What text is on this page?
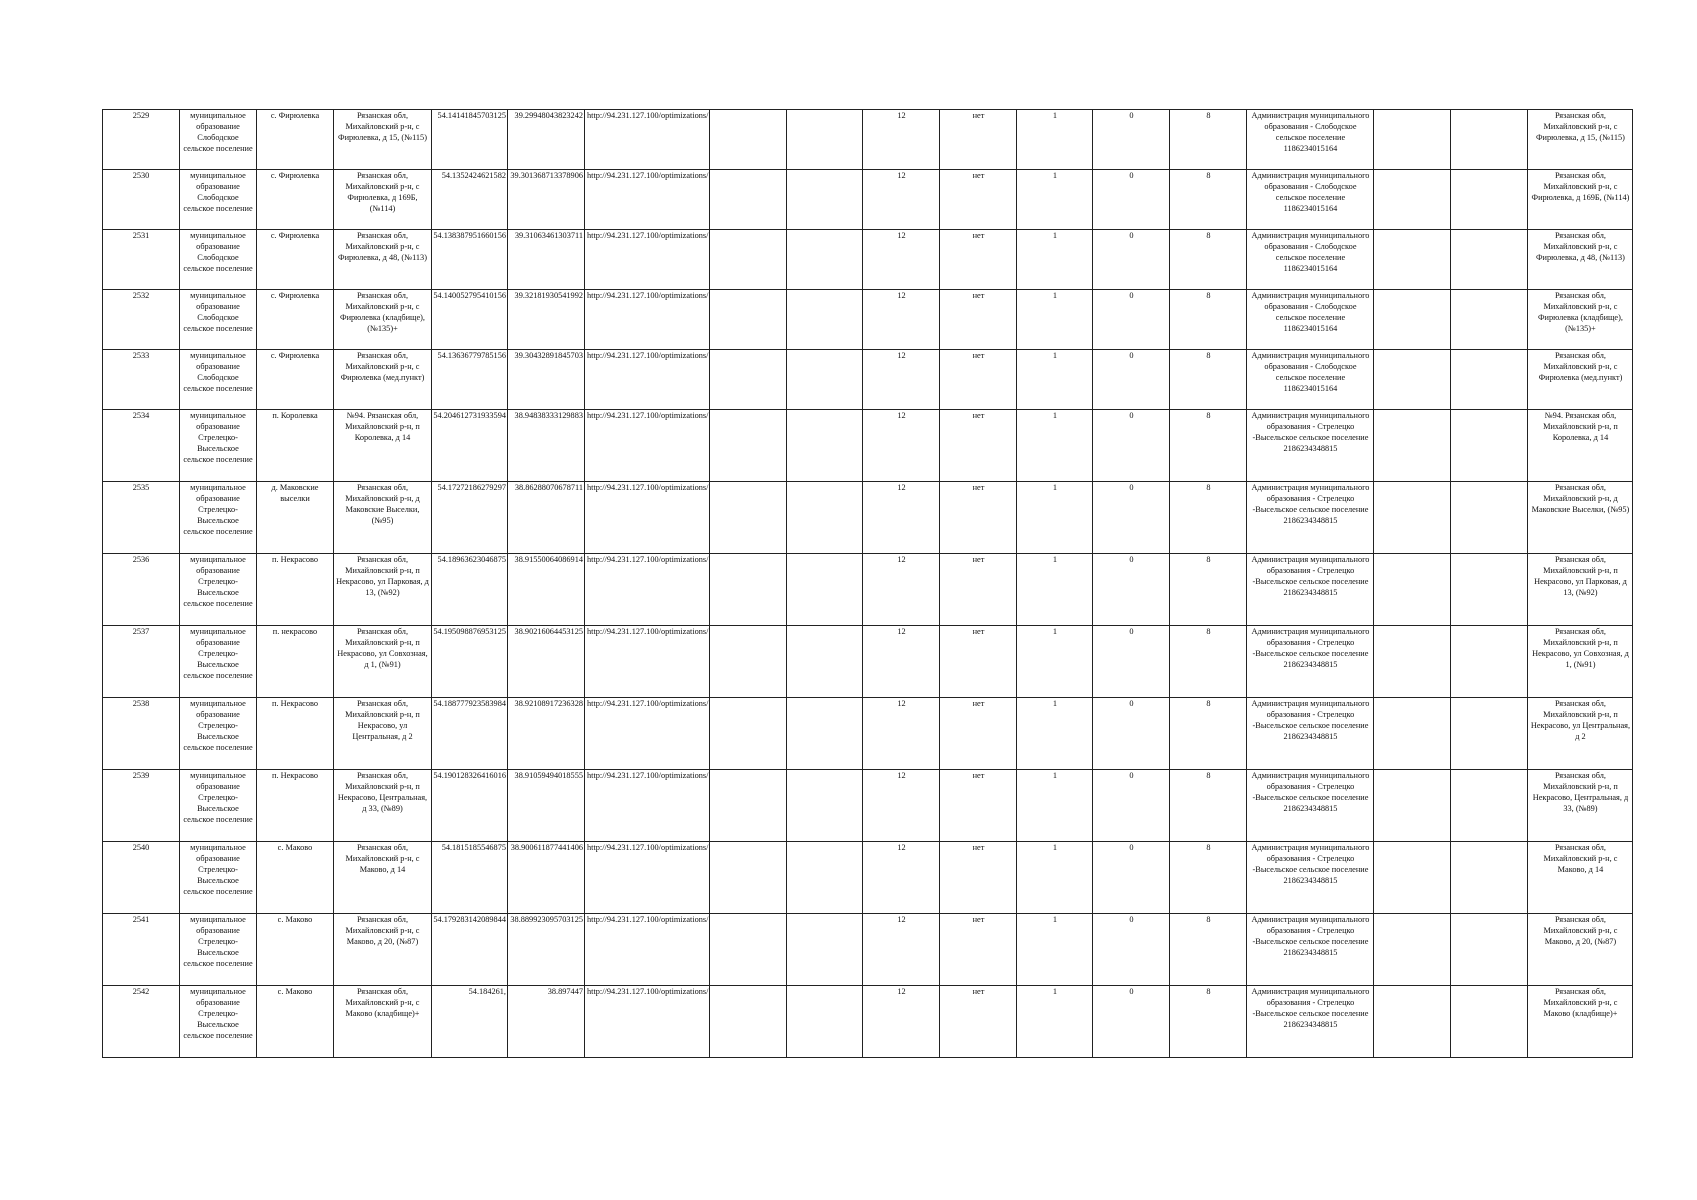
2529	муниципальное образование Слободское сельское поселение	с. Фирюлевка	Рязанская обл, Михайловский р-н, с Фирюлевка, д 15, (№115)	54.14141845703125	39.29948043823242	http://94.231.127.100/optimizations/			12	нет	1	0	8	Администрация муниципального образования - Слободское сельское поселение 1186234015164			Рязанская обл, Михайловский р-н, с Фирюлевка, д 15, (№115)
2530	муниципальное образование Слободское сельское поселение	с. Фирюлевка	Рязанская обл, Михайловский р-н, с Фирюлевка, д 169Б, (№114)	54.1352424621582	39.301368713378906	http://94.231.127.100/optimizations/			12	нет	1	0	8	Администрация муниципального образования - Слободское сельское поселение 1186234015164			Рязанская обл, Михайловский р-н, с Фирюлевка, д 169Б, (№114)
2531	муниципальное образование Слободское сельское поселение	с. Фирюлевка	Рязанская обл, Михайловский р-н, с Фирюлевка, д 48, (№113)	54.138387951660156	39.31063461303711	http://94.231.127.100/optimizations/			12	нет	1	0	8	Администрация муниципального образования - Слободское сельское поселение 1186234015164			Рязанская обл, Михайловский р-н, с Фирюлевка, д 48, (№113)
2532	муниципальное образование Слободское сельское поселение	с. Фирюлевка	Рязанская обл, Михайловский р-н, с Фирюлевка (кладбище), (№135)+	54.140052795410156	39.32181930541992	http://94.231.127.100/optimizations/			12	нет	1	0	8	Администрация муниципального образования - Слободское сельское поселение 1186234015164			Рязанская обл, Михайловский р-н, с Фирюлевка (кладбище), (№135)+
2533	муниципальное образование Слободское сельское поселение	с. Фирюлевка	Рязанская обл, Михайловский р-н, с Фирюлевка (мед.пункт)	54.13636779785156	39.30432891845703	http://94.231.127.100/optimizations/			12	нет	1	0	8	Администрация муниципального образования - Слободское сельское поселение 1186234015164			Рязанская обл, Михайловский р-н, с Фирюлевка (мед.пункт)
2534	муниципальное образование Стрелецко-Высельское сельское поселение	п. Королевка	№94. Рязанская обл, Михайловский р-н, п Королевка, д 14	54.204612731933594	38.94838333129883	http://94.231.127.100/optimizations/			12	нет	1	0	8	Администрация муниципального образования - Стрелецко -Высельское сельское поселение 2186234348815			№94. Рязанская обл, Михайловский р-н, п Королевка, д 14
2535	муниципальное образование Стрелецко-Высельское сельское поселение	д. Маковские выселки	Рязанская обл, Михайловский р-н, д Маковские Выселки, (№95)	54.17272186279297	38.86288070678711	http://94.231.127.100/optimizations/			12	нет	1	0	8	Администрация муниципального образования - Стрелецко -Высельское сельское поселение 2186234348815			Рязанская обл, Михайловский р-н, д Маковские Выселки, (№95)
2536	муниципальное образование Стрелецко-Высельское сельское поселение	п. Некрасово	Рязанская обл, Михайловский р-н, п Некрасово, ул Парковая, д 13, (№92)	54.18963623046875	38.91550064086914	http://94.231.127.100/optimizations/			12	нет	1	0	8	Администрация муниципального образования - Стрелецко -Высельское сельское поселение 2186234348815			Рязанская обл, Михайловский р-н, п Некрасово, ул Парковая, д 13, (№92)
2537	муниципальное образование Стрелецко-Высельское сельское поселение	п. некрасово	Рязанская обл, Михайловский р-н, п Некрасово, ул Совхозная, д 1, (№91)	54.195098876953125	38.90216064453125	http://94.231.127.100/optimizations/			12	нет	1	0	8	Администрация муниципального образования - Стрелецко -Высельское сельское поселение 2186234348815			Рязанская обл, Михайловский р-н, п Некрасово, ул Совхозная, д 1, (№91)
2538	муниципальное образование Стрелецко-Высельское сельское поселение	п. Некрасово	Рязанская обл, Михайловский р-н, п Некрасово, ул Центральная, д 2	54.188777923583984	38.92108917236328	http://94.231.127.100/optimizations/			12	нет	1	0	8	Администрация муниципального образования - Стрелецко -Высельское сельское поселение 2186234348815			Рязанская обл, Михайловский р-н, п Некрасово, ул Центральная, д 2
2539	муниципальное образование Стрелецко-Высельское сельское поселение	п. Некрасово	Рязанская обл, Михайловский р-н, п Некрасово, Центральная, д 33, (№89)	54.190128326416016	38.91059494018555	http://94.231.127.100/optimizations/			12	нет	1	0	8	Администрация муниципального образования - Стрелецко -Высельское сельское поселение 2186234348815			Рязанская обл, Михайловский р-н, п Некрасово, Центральная, д 33, (№89)
2540	муниципальное образование Стрелецко-Высельское сельское поселение	с. Маково	Рязанская обл, Михайловский р-н, с Маково, д 14	54.1815185546875	38.900611877441406	http://94.231.127.100/optimizations/			12	нет	1	0	8	Администрация муниципального образования - Стрелецко -Высельское сельское поселение 2186234348815			Рязанская обл, Михайловский р-н, с Маково, д 14
2541	муниципальное образование Стрелецко-Высельское сельское поселение	с. Маково	Рязанская обл, Михайловский р-н, с Маково, д 20, (№87)	54.179283142089844	38.889923095703125	http://94.231.127.100/optimizations/			12	нет	1	0	8	Администрация муниципального образования - Стрелецко -Высельское сельское поселение 2186234348815			Рязанская обл, Михайловский р-н, с Маково, д 20, (№87)
2542	муниципальное образование Стрелецко-Высельское сельское поселение	с. Маково	Рязанская обл, Михайловский р-н, с Маково (кладбище)+	54.184261,	38.897447	http://94.231.127.100/optimizations/			12	нет	1	0	8	Администрация муниципального образования - Стрелецко -Высельское сельское поселение 2186234348815			Рязанская обл, Михайловский р-н, с Маково (кладбище)+
